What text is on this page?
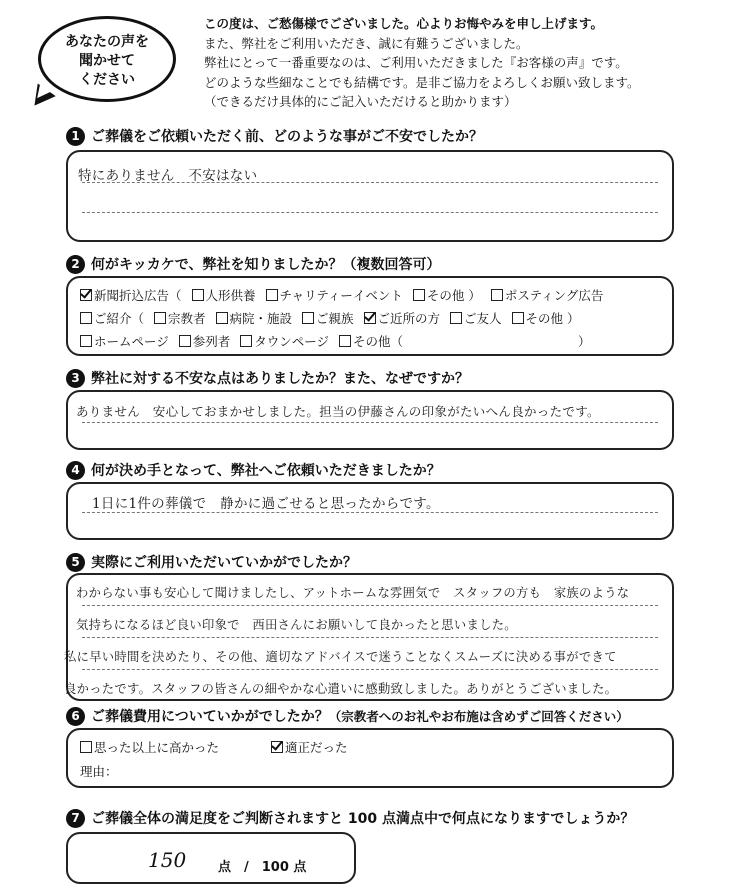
あなたの声を
聞かせて
ください
この度は、ご愁傷様でございました。心よりお悔やみを申し上げます。
また、弊社をご利用いただき、誠に有難うございました。
弊社にとって一番重要なのは、ご利用いただきました『お客様の声』です。
どのような些細なことでも結構です。是非ご協力をよろしくお願い致します。
（できるだけ具体的にご記入いただけると助かります）
1 ご葬儀をご依頼いただく前、どのような事がご不安でしたか？
特にありません　不安はない
2 何がキッカケで、弊社を知りましたか？（複数回答可）
新聞折込広告（ 人形供養 チャリティーイベント その他 ） ポスティング広告
ご紹介（ 宗教者 病院・施設 ご親族 ご近所の方 ご友人 その他 ）
ホームページ 参列者 タウンページ その他（　　　　　　　　　　　　　　）
3 弊社に対する不安な点はありましたか？また、なぜですか？
ありません　安心しておまかせしました。担当の伊藤さんの印象がたいへん良かったです。
4 何が決め手となって、弊社へご依頼いただきましたか？
1日に1件の葬儀で　静かに過ごせると思ったからです。
5 実際にご利用いただいていかがでしたか？
わからない事も安心して聞けましたし、アットホームな雰囲気で　スタッフの方も　家族のような
気持ちになるほど良い印象で　西田さんにお願いして良かったと思いました。
私に早い時間を決めたり、その他、適切なアドバイスで迷うことなくスムーズに決める事ができて
良かったです。スタッフの皆さんの細やかな心遣いに感動致しました。ありがとうございました。
6 ご葬儀費用についていかがでしたか？ （宗教者へのお礼やお布施は含めずご回答ください）
思った以上に高かった	適正だった
理由：
7 ご葬儀全体の満足度をご判断されますと 100 点満点中で何点になりますでしょうか？
150 点　/　100 点
